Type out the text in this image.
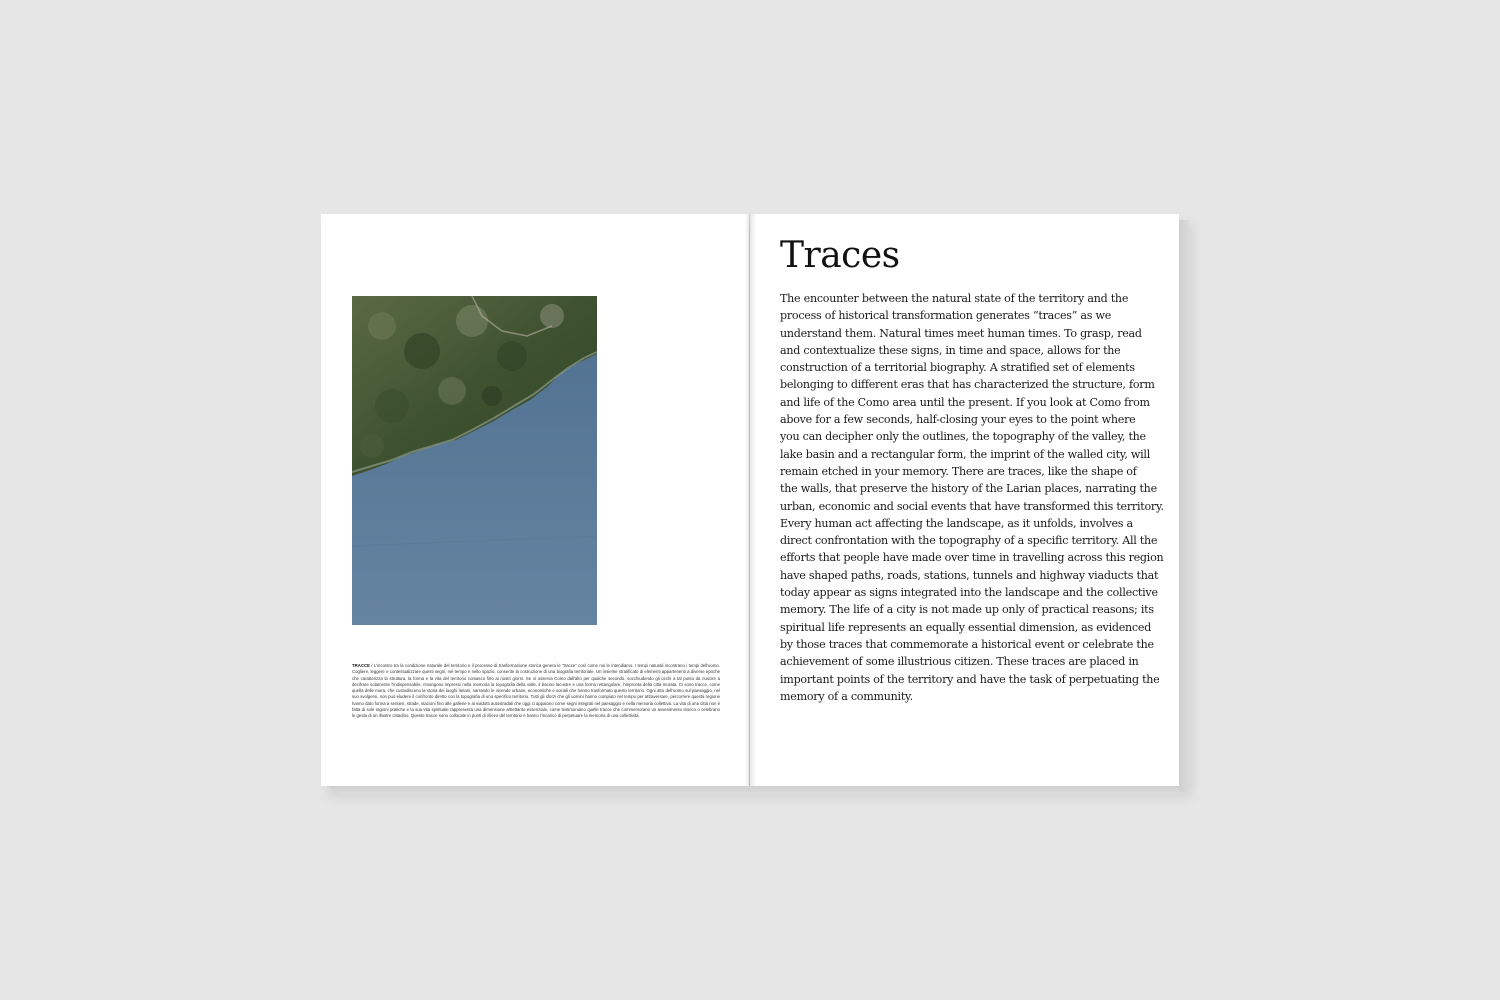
TRACCE / L'incontro tra la condizione naturale del territorio e il processo di trasformazione storica genera le "tracce" così come noi le intendiamo. I tempi naturali incontrano i tempi dell'uomo. Cogliere, leggere e contestualizzare questi segni, nel tempo e nello spazio, consente la costruzione di una biografia territoriale. Un insieme stratificato di elementi appartenenti a diverse epoche che caratterizza la struttura, la forma e la vita del territorio comasco fino ai nostri giorni. Se si osserva Como dall'alto per qualche secondo, socchiudendo gli occhi a tal punto da riuscire a decifrare solamente l'indispensabile, rimangono impressi nella memoria la topografia della valle, il bacino lacustre e una forma rettangolare, l'impronta della città murata. Ci sono tracce, come quella delle mura, che custodiscono la storia dei luoghi lariani, narrando le vicende urbane, economiche e sociali che hanno trasformato questo territorio. Ogni atto dell'uomo sul paesaggio, nel suo svolgersi, non può eludere il confronto diretto con la topografia di uno specifico territorio. Tutti gli sforzi che gli uomini hanno compiuto nel tempo per attraversare, percorrere questa regione hanno dato forma a sentieri, strade, stazioni fino alle gallerie e ai viadotti autostradali che oggi ci appaiono come segni integrati nel paesaggio e nella memoria collettiva. La vita di una città non è fatta di sole ragioni pratiche e la sua vita spirituale rappresenta una dimensione altrettanto essenziale, come testimoniano quelle tracce che commemorano un avvenimento storico o celebrano le gesta di un illustre cittadino. Queste tracce sono collocate in punti di rilievo del territorio e hanno l'incarico di perpetuare la memoria di una collettività.
Traces
The encounter between the natural state of the territory and the
process of historical transformation generates “traces” as we
understand them. Natural times meet human times. To grasp, read
and contextualize these signs, in time and space, allows for the
construction of a territorial biography. A stratified set of elements
belonging to different eras that has characterized the structure, form
and life of the Como area until the present. If you look at Como from
above for a few seconds, half-closing your eyes to the point where
you can decipher only the outlines, the topography of the valley, the
lake basin and a rectangular form, the imprint of the walled city, will
remain etched in your memory. There are traces, like the shape of
the walls, that preserve the history of the Larian places, narrating the
urban, economic and social events that have transformed this territory.
Every human act affecting the landscape, as it unfolds, involves a
direct confrontation with the topography of a specific territory. All the
efforts that people have made over time in travelling across this region
have shaped paths, roads, stations, tunnels and highway viaducts that
today appear as signs integrated into the landscape and the collective
memory. The life of a city is not made up only of practical reasons; its
spiritual life represents an equally essential dimension, as evidenced
by those traces that commemorate a historical event or celebrate the
achievement of some illustrious citizen. These traces are placed in
important points of the territory and have the task of perpetuating the
memory of a community.
